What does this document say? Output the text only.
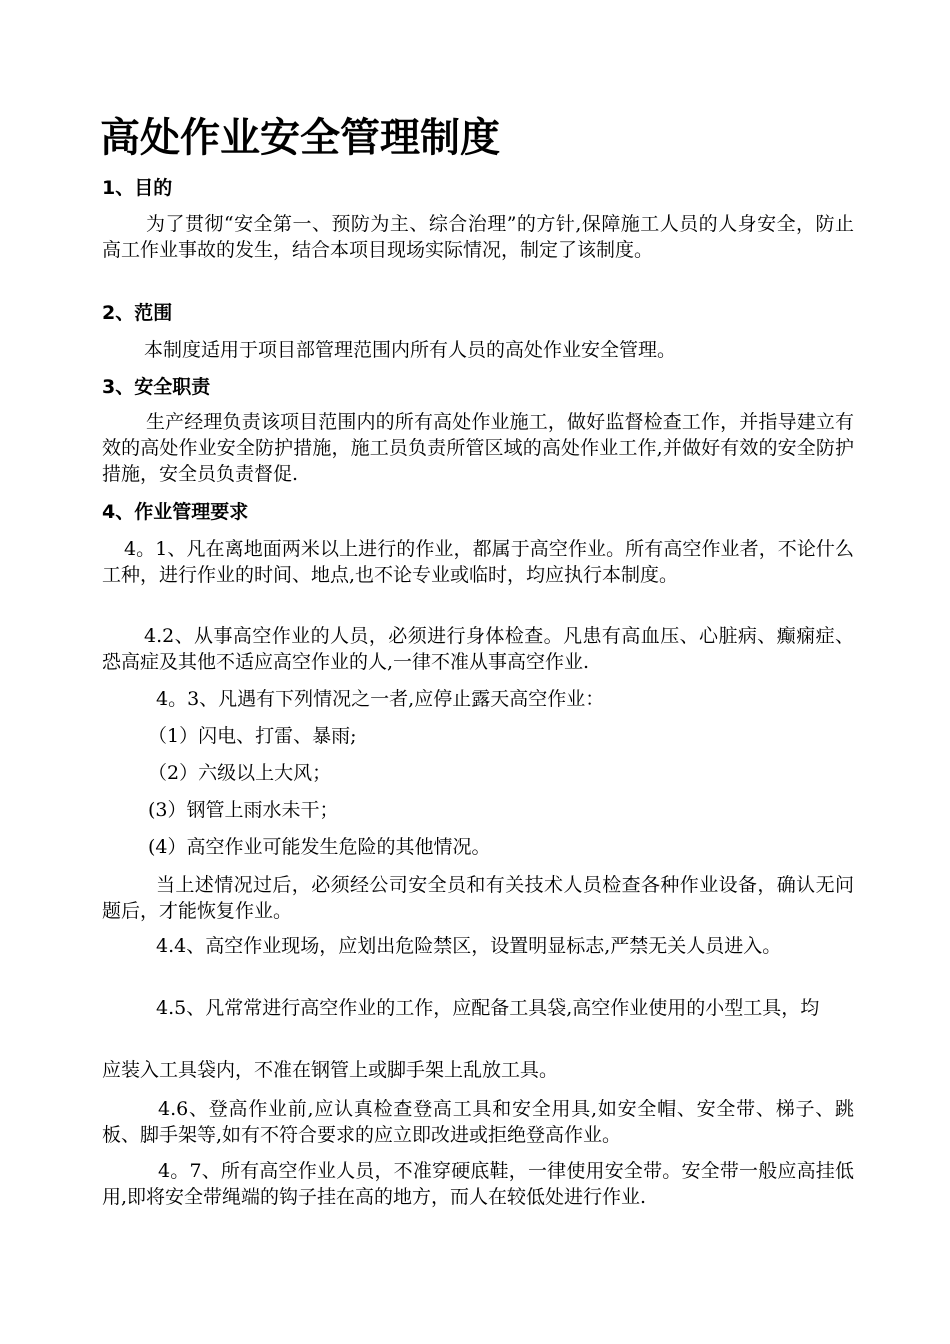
高处作业安全管理制度
1、目的
为了贯彻“安全第一、预防为主、综合治理”的方针,保障施工人员的人身安全，防止高工作业事故的发生，结合本项目现场实际情况，制定了该制度。
2、范围
本制度适用于项目部管理范围内所有人员的高处作业安全管理。
3、安全职责
生产经理负责该项目范围内的所有高处作业施工，做好监督检查工作，并指导建立有效的高处作业安全防护措施，施工员负责所管区域的高处作业工作,并做好有效的安全防护措施，安全员负责督促.
4、作业管理要求
4。1、凡在离地面两米以上进行的作业，都属于高空作业。所有高空作业者，不论什么工种，进行作业的时间、地点,也不论专业或临时，均应执行本制度。
4.2、从事高空作业的人员，必须进行身体检查。凡患有高血压、心脏病、癫痫症、恐高症及其他不适应高空作业的人,一律不准从事高空作业.
4。3、凡遇有下列情况之一者,应停止露天高空作业：
（1）闪电、打雷、暴雨;
（2）六级以上大风；
(3）钢管上雨水未干；
(4）高空作业可能发生危险的其他情况。
当上述情况过后，必须经公司安全员和有关技术人员检查各种作业设备，确认无问题后，才能恢复作业。
4.4、高空作业现场，应划出危险禁区，设置明显标志,严禁无关人员进入。
4.5、凡常常进行高空作业的工作，应配备工具袋,高空作业使用的小型工具，均
应装入工具袋内，不准在钢管上或脚手架上乱放工具。
4.6、登高作业前,应认真检查登高工具和安全用具,如安全帽、安全带、梯子、跳板、脚手架等,如有不符合要求的应立即改进或拒绝登高作业。
4。7、所有高空作业人员，不准穿硬底鞋，一律使用安全带。安全带一般应高挂低用,即将安全带绳端的钩子挂在高的地方，而人在较低处进行作业.
